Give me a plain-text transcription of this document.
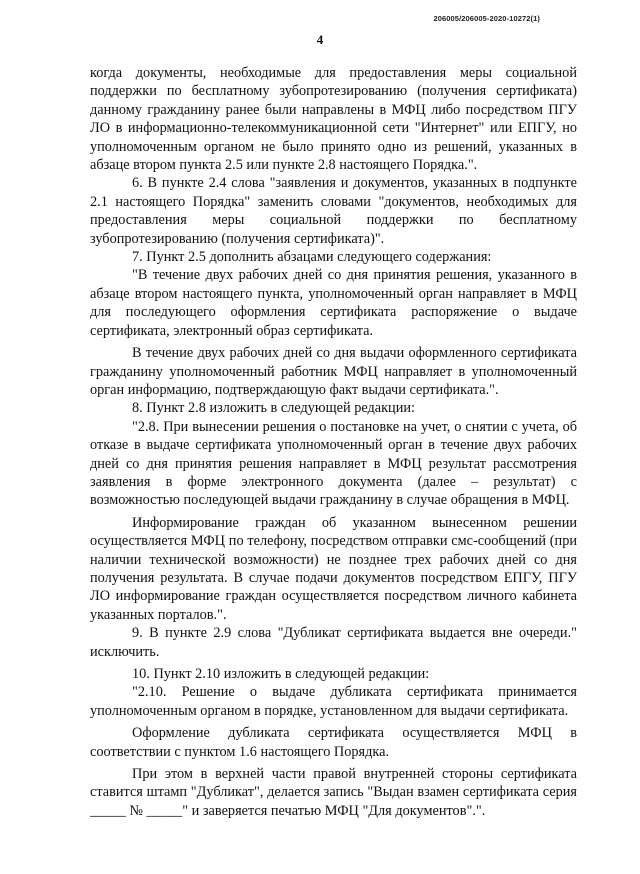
206005/206005-2020-10272(1)
4

когда документы, необходимые для предоставления меры социальной поддержки по бесплатному зубопротезированию (получения сертификата) данному гражданину ранее были направлены в МФЦ либо посредством ПГУ ЛО в информационно-телекоммуникационной сети "Интернет" или ЕПГУ, но уполномоченным органом не было принято одно из решений, указанных в абзаце втором пункта 2.5 или пункте 2.8 настоящего Порядка.".

6. В пункте 2.4 слова "заявления и документов, указанных в подпункте 2.1 настоящего Порядка" заменить словами "документов, необходимых для предоставления меры социальной поддержки по бесплатному зубопротезированию (получения сертификата)".

7. Пункт 2.5 дополнить абзацами следующего содержания:

"В течение двух рабочих дней со дня принятия решения, указанного в абзаце втором настоящего пункта, уполномоченный орган направляет в МФЦ для последующего оформления сертификата распоряжение о выдаче сертификата, электронный образ сертификата.

В течение двух рабочих дней со дня выдачи оформленного сертификата гражданину уполномоченный работник МФЦ направляет в уполномоченный орган информацию, подтверждающую факт выдачи сертификата.".

8. Пункт 2.8 изложить в следующей редакции:

"2.8. При вынесении решения о постановке на учет, о снятии с учета, об отказе в выдаче сертификата уполномоченный орган в течение двух рабочих дней со дня принятия решения направляет в МФЦ результат рассмотрения заявления в форме электронного документа (далее – результат) с возможностью последующей выдачи гражданину в случае обращения в МФЦ.

Информирование граждан об указанном вынесенном решении осуществляется МФЦ по телефону, посредством отправки смс-сообщений (при наличии технической возможности) не позднее трех рабочих дней со дня получения результата. В случае подачи документов посредством ЕПГУ, ПГУ ЛО информирование граждан осуществляется посредством личного кабинета указанных порталов.".

9. В пункте 2.9 слова "Дубликат сертификата выдается вне очереди." исключить.

10. Пункт 2.10 изложить в следующей редакции:

"2.10. Решение о выдаче дубликата сертификата принимается уполномоченным органом в порядке, установленном для выдачи сертификата.

Оформление дубликата сертификата осуществляется МФЦ в соответствии с пунктом 1.6 настоящего Порядка.

При этом в верхней части правой внутренней стороны сертификата ставится штамп "Дубликат", делается запись "Выдан взамен сертификата серия _____ № _____" и заверяется печатью МФЦ "Для документов".".
